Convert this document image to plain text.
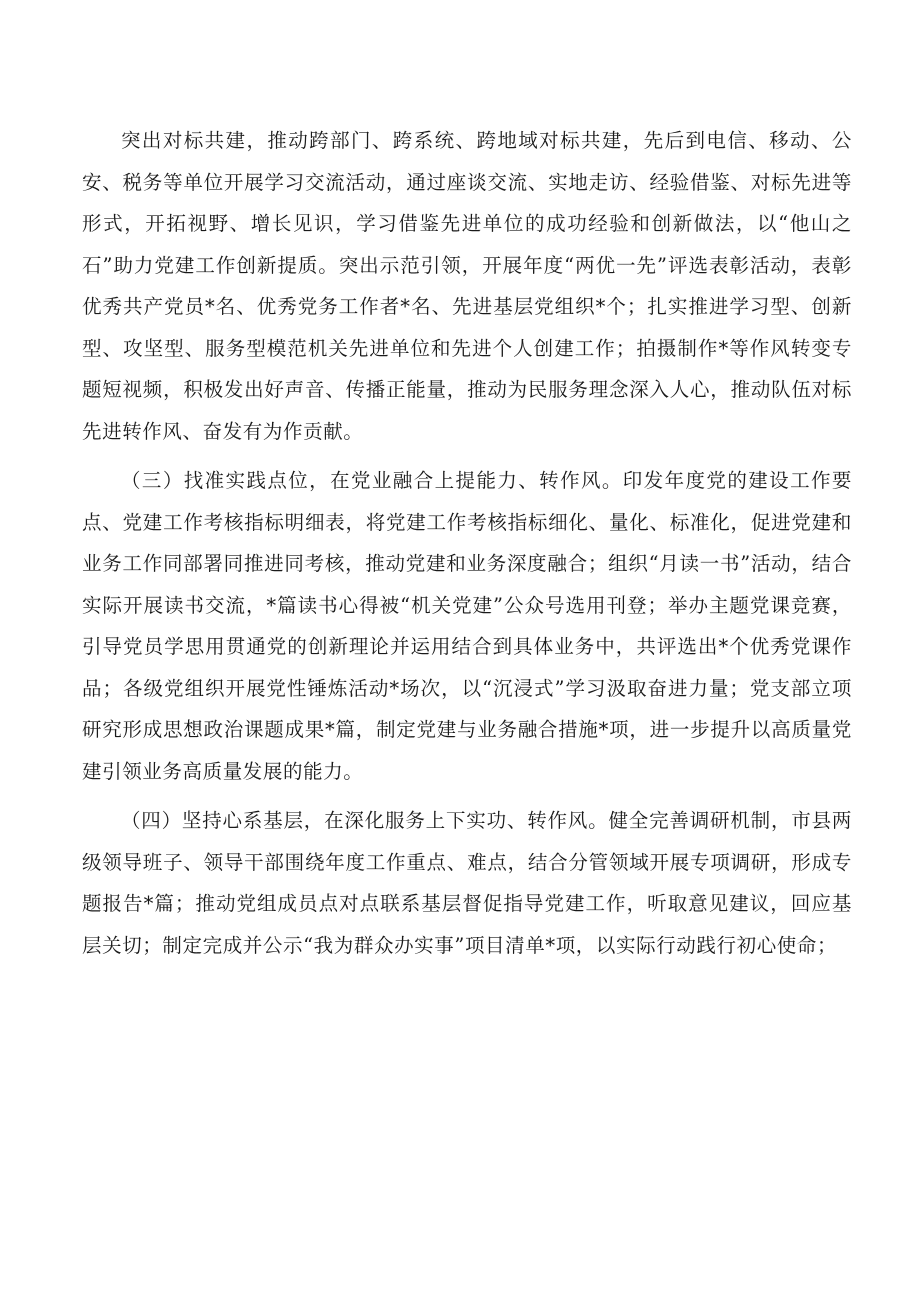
突出对标共建，推动跨部门、跨系统、跨地域对标共建，先后到电信、移动、公安、税务等单位开展学习交流活动，通过座谈交流、实地走访、经验借鉴、对标先进等形式，开拓视野、增长见识，学习借鉴先进单位的成功经验和创新做法，以“他山之石”助力党建工作创新提质。突出示范引领，开展年度“两优一先”评选表彰活动，表彰优秀共产党员*名、优秀党务工作者*名、先进基层党组织*个；扎实推进学习型、创新型、攻坚型、服务型模范机关先进单位和先进个人创建工作；拍摄制作*等作风转变专题短视频，积极发出好声音、传播正能量，推动为民服务理念深入人心，推动队伍对标先进转作风、奋发有为作贡献。

（三）找准实践点位，在党业融合上提能力、转作风。印发年度党的建设工作要点、党建工作考核指标明细表，将党建工作考核指标细化、量化、标准化，促进党建和业务工作同部署同推进同考核，推动党建和业务深度融合；组织“月读一书”活动，结合实际开展读书交流，*篇读书心得被“机关党建”公众号选用刊登；举办主题党课竞赛，引导党员学思用贯通党的创新理论并运用结合到具体业务中，共评选出*个优秀党课作品；各级党组织开展党性锤炼活动*场次，以“沉浸式”学习汲取奋进力量；党支部立项研究形成思想政治课题成果*篇，制定党建与业务融合措施*项，进一步提升以高质量党建引领业务高质量发展的能力。

（四）坚持心系基层，在深化服务上下实功、转作风。健全完善调研机制，市县两级领导班子、领导干部围绕年度工作重点、难点，结合分管领域开展专项调研，形成专题报告*篇；推动党组成员点对点联系基层督促指导党建工作，听取意见建议，回应基层关切；制定完成并公示“我为群众办实事”项目清单*项，以实际行动践行初心使命；
